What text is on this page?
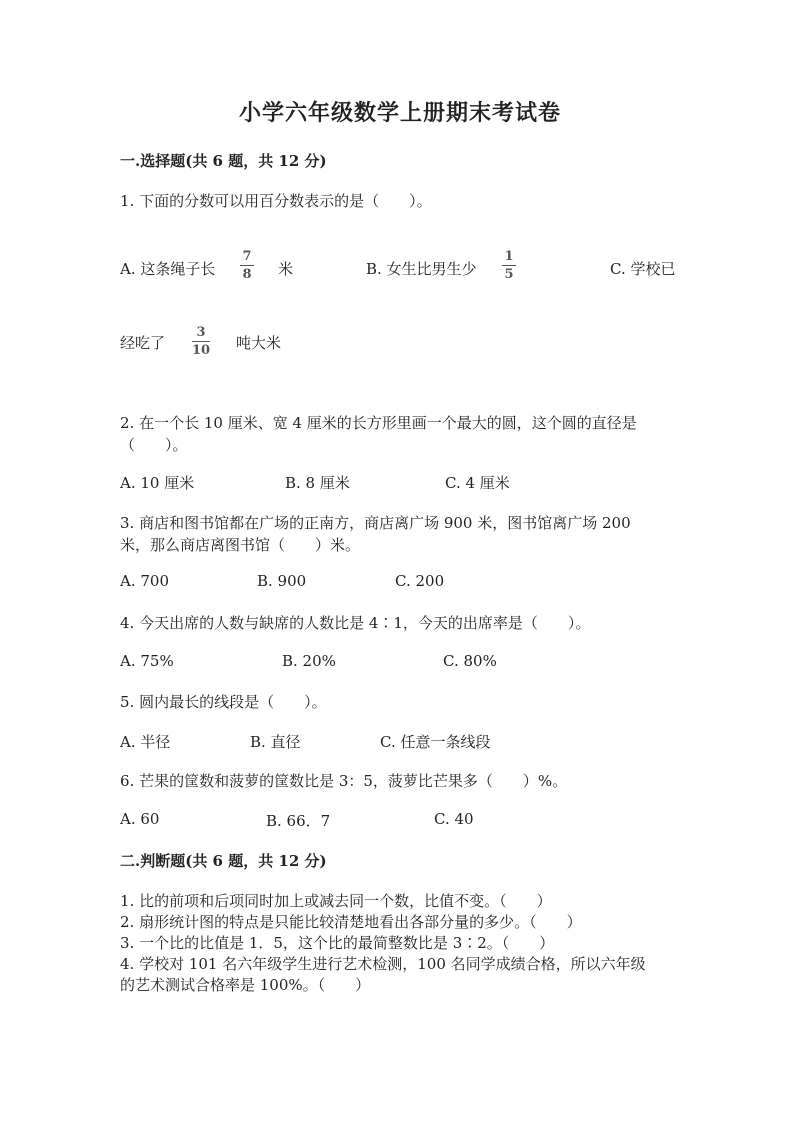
小学六年级数学上册期末考试卷
一.选择题(共 6 题，共 12 分)
1. 下面的分数可以用百分数表示的是（　　）。
A. 这条绳子长
7
8 米	B. 女生比男生少
1
5	C. 学校已
经吃了
3
10 吨大米
2. 在一个长 10 厘米、宽 4 厘米的长方形里画一个最大的圆，这个圆的直径是
（　　）。
A. 10 厘米	B. 8 厘米	C. 4 厘米
3. 商店和图书馆都在广场的正南方，商店离广场 900 米，图书馆离广场 200
米，那么商店离图书馆（　　）米。
A. 700	B. 900	C. 200
4. 今天出席的人数与缺席的人数比是 4∶1，今天的出席率是（　　）。
A. 75%	B. 20%	C. 80%
5. 圆内最长的线段是（　　）。
A. 半径	B. 直径	C. 任意一条线段
6. 芒果的筐数和菠萝的筐数比是 3：5，菠萝比芒果多（　　）%。
A. 60	B. 66．7	C. 40
二.判断题(共 6 题，共 12 分)
1. 比的前项和后项同时加上或减去同一个数，比值不变。（　　）
2. 扇形统计图的特点是只能比较清楚地看出各部分量的多少。（　　）
3. 一个比的比值是 1．5，这个比的最简整数比是 3∶2。（　　）
4. 学校对 101 名六年级学生进行艺术检测，100 名同学成绩合格，所以六年级
的艺术测试合格率是 100%。（　　）
